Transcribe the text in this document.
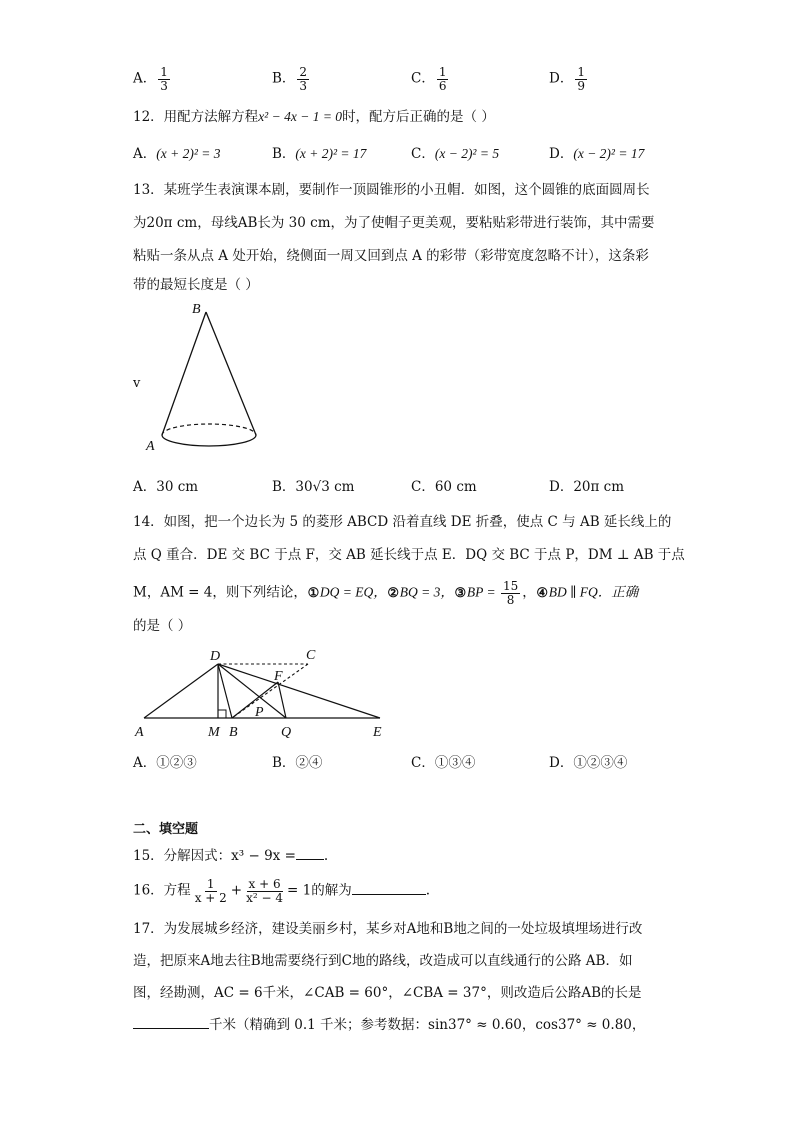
A． $\frac{1}{3}$	B． $\frac{2}{3}$	C． $\frac{1}{6}$	D． $\frac{1}{9}$
12．用配方法解方程x² − 4x − 1 = 0时，配方后正确的是（ ）
A．(x + 2)² = 3	B．(x + 2)² = 17	C．(x − 2)² = 5	D．(x − 2)² = 17
13．某班学生表演课本剧，要制作一顶圆锥形的小丑帽．如图，这个圆锥的底面圆周长
为20π cm，母线AB长为 30 cm，为了使帽子更美观，要粘贴彩带进行装饰，其中需要
粘贴一条从点 A 处开始，绕侧面一周又回到点 A 的彩带（彩带宽度忽略不计），这条彩
带的最短长度是（ ）
v
B
A
A．30 cm	B．30√3 cm	C．60 cm	D．20π cm
14．如图，把一个边长为 5 的菱形 ABCD 沿着直线 DE 折叠，使点 C 与 AB 延长线上的
点 Q 重合．DE 交 BC 于点 F，交 AB 延长线于点 E．DQ 交 BC 于点 P，DM ⊥ AB 于点
M，AM = 4，则下列结论，①DQ = EQ，②BQ = 3，③BP = $\frac{15}{8}$ ，④BD ∥ FQ．正确
的是（ ）
D	C
F
P
A	M B	Q	E
A．①②③	B．②④	C．①③④	D．①②③④
二、填空题
15．分解因式：x³ − 9x = .
16．方程 $\frac{1}{x + 2} + \frac{x + 6}{\text{x² − 4}} = 1$的解为	.
17．为发展城乡经济，建设美丽乡村，某乡对A地和B地之间的一处垃圾填埋场进行改
造，把原来A地去往B地需要绕行到C地的路线，改造成可以直线通行的公路 AB．如
图，经勘测，AC = 6千米，∠CAB = 60°，∠CBA = 37°，则改造后公路AB的长是
千米（精确到 0.1 千米；参考数据：sin37° ≈ 0.60，cos37° ≈ 0.80，
